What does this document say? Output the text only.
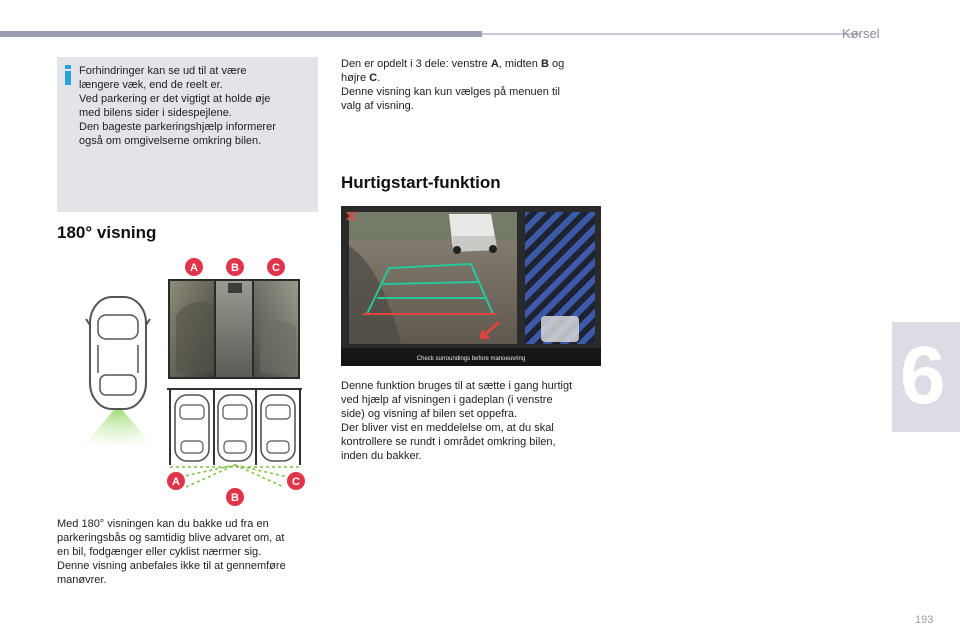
Kørsel
6
Forhindringer kan se ud til at være
længere væk, end de reelt er.
Ved parkering er det vigtigt at holde øje
med bilens sider i sidespejlene.
Den bageste parkeringshjælp informerer
også om omgivelserne omkring bilen.
180° visning
A	B	C
A
B
C
Med 180° visningen kan du bakke ud fra en
parkeringsbås og samtidig blive advaret om, at
en bil, fodgænger eller cyklist nærmer sig.
Denne visning anbefales ikke til at gennemføre
manøvrer.
Den er opdelt i 3 dele: venstre A, midten B og
højre C.
Denne visning kan kun vælges på menuen til
valg af visning.
Hurtigstart-funktion
Check surroundings before manoeuvring
Denne funktion bruges til at sætte i gang hurtigt
ved hjælp af visningen i gadeplan (i venstre
side) og visning af bilen set oppefra.
Der bliver vist en meddelelse om, at du skal
kontrollere se rundt i området omkring bilen,
inden du bakker.
193
